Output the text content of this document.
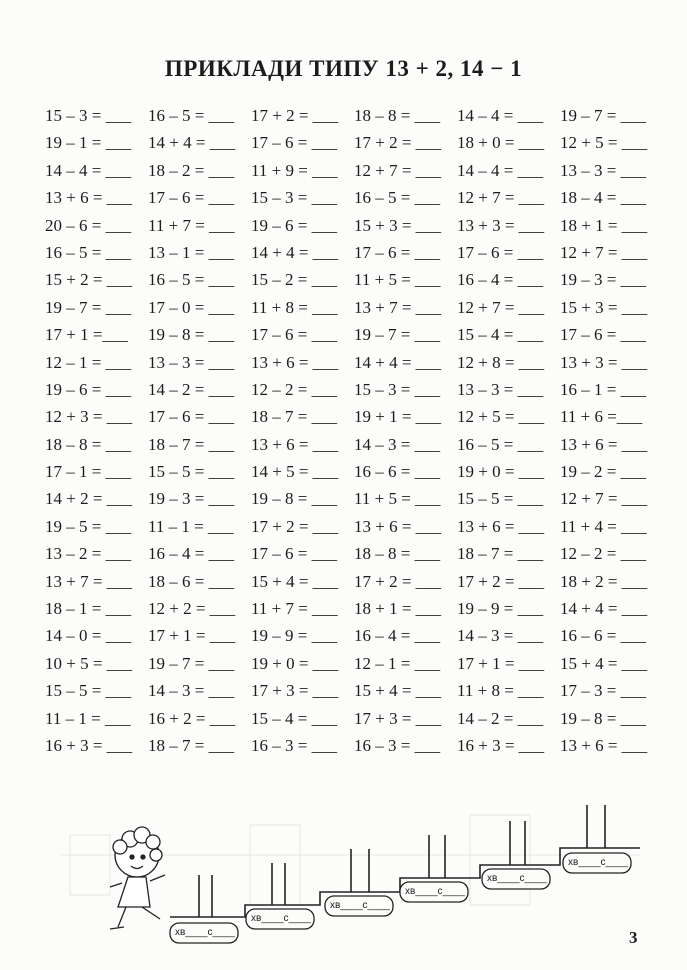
ПРИКЛАДИ ТИПУ 13 + 2, 14 − 1
15 – 3 = ___ 16 – 5 = ___ 17 + 2 = ___ 18 – 8 = ___ 14 – 4 = ___ 19 – 7 = ___
19 – 1 = ___ 14 + 4 = ___ 17 – 6 = ___ 17 + 2 = ___ 18 + 0 = ___ 12 + 5 = ___
14 – 4 = ___ 18 – 2 = ___ 11 + 9 = ___ 12 + 7 = ___ 14 – 4 = ___ 13 – 3 = ___
13 + 6 = ___ 17 – 6 = ___ 15 – 3 = ___ 16 – 5 = ___ 12 + 7 = ___ 18 – 4 = ___
20 – 6 = ___ 11 + 7 = ___ 19 – 6 = ___ 15 + 3 = ___ 13 + 3 = ___ 18 + 1 = ___
16 – 5 = ___ 13 – 1 = ___ 14 + 4 = ___ 17 – 6 = ___ 17 – 6 = ___ 12 + 7 = ___
15 + 2 = ___ 16 – 5 = ___ 15 – 2 = ___ 11 + 5 = ___ 16 – 4 = ___ 19 – 3 = ___
19 – 7 = ___ 17 – 0 = ___ 11 + 8 = ___ 13 + 7 = ___ 12 + 7 = ___ 15 + 3 = ___
17 + 1 =___	19 – 8 = ___ 17 – 6 = ___ 19 – 7 = ___ 15 – 4 = ___ 17 – 6 = ___
12 – 1 = ___ 13 – 3 = ___ 13 + 6 = ___ 14 + 4 = ___ 12 + 8 = ___ 13 + 3 = ___
19 – 6 = ___ 14 – 2 = ___ 12 – 2 = ___ 15 – 3 = ___ 13 – 3 = ___ 16 – 1 = ___
12 + 3 = ___ 17 – 6 = ___ 18 – 7 = ___ 19 + 1 = ___ 12 + 5 = ___ 11 + 6 =___
18 – 8 = ___ 18 – 7 = ___ 13 + 6 = ___ 14 – 3 = ___ 16 – 5 = ___ 13 + 6 = ___
17 – 1 = ___ 15 – 5 = ___ 14 + 5 = ___ 16 – 6 = ___ 19 + 0 = ___ 19 – 2 = ___
14 + 2 = ___ 19 – 3 = ___ 19 – 8 = ___ 11 + 5 = ___ 15 – 5 = ___ 12 + 7 = ___
19 – 5 = ___ 11 – 1 = ___	17 + 2 = ___ 13 + 6 = ___ 13 + 6 = ___ 11 + 4 = ___
13 – 2 = ___ 16 – 4 = ___ 17 – 6 = ___ 18 – 8 = ___ 18 – 7 = ___ 12 – 2 = ___
13 + 7 = ___ 18 – 6 = ___ 15 + 4 = ___ 17 + 2 = ___ 17 + 2 = ___ 18 + 2 = ___
18 – 1 = ___ 12 + 2 = ___ 11 + 7 = ___ 18 + 1 = ___ 19 – 9 = ___ 14 + 4 = ___
14 – 0 = ___ 17 + 1 = ___ 19 – 9 = ___ 16 – 4 = ___ 14 – 3 = ___ 16 – 6 = ___
10 + 5 = ___ 19 – 7 = ___ 19 + 0 = ___ 12 – 1 = ___ 17 + 1 = ___ 15 + 4 = ___
15 – 5 = ___ 14 – 3 = ___ 17 + 3 = ___ 15 + 4 = ___ 11 + 8 = ___ 17 – 3 = ___
11 – 1 = ___	16 + 2 = ___ 15 – 4 = ___ 17 + 3 = ___ 14 – 2 = ___ 19 – 8 = ___
16 + 3 = ___ 18 – 7 = ___ 16 – 3 = ___ 16 – 3 = ___ 16 + 3 = ___ 13 + 6 = ___
хв____с____
хв____с____
хв____с____
хв____с____
хв____с____
хв____с____
3
